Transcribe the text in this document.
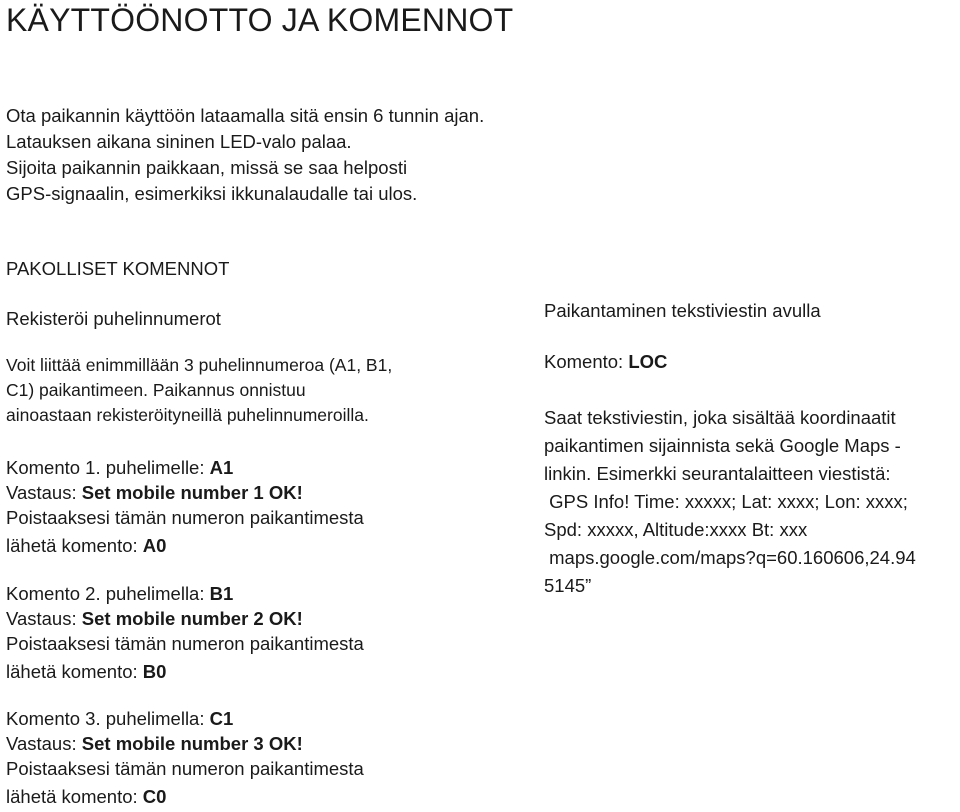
KÄYTTÖÖNOTTO JA KOMENNOT
Ota paikannin käyttöön lataamalla sitä ensin 6 tunnin ajan.
Latauksen aikana sininen LED-valo palaa.
Sijoita paikannin paikkaan, missä se saa helposti
GPS-signaalin, esimerkiksi ikkunalaudalle tai ulos.
PAKOLLISET KOMENNOT
Rekisteröi puhelinnumerot
Voit liittää enimmillään 3 puhelinnumeroa (A1, B1,
C1) paikantimeen. Paikannus onnistuu
ainoastaan rekisteröityneillä puhelinnumeroilla.
Komento 1. puhelimelle: A1
Vastaus: Set mobile number 1 OK!
Poistaaksesi tämän numeron paikantimesta
lähetä komento: A0
Komento 2. puhelimella: B1
Vastaus: Set mobile number 2 OK!
Poistaaksesi tämän numeron paikantimesta
lähetä komento: B0
Komento 3. puhelimella: C1
Vastaus: Set mobile number 3 OK!
Poistaaksesi tämän numeron paikantimesta
lähetä komento: C0
Paikantaminen tekstiviestin avulla
Komento: LOC
Saat tekstiviestin, joka sisältää koordinaatit
paikantimen sijainnista sekä Google Maps -
linkin. Esimerkki seurantalaitteen viestistä:
GPS Info! Time: xxxxx; Lat: xxxx; Lon: xxxx;
Spd: xxxxx, Altitude:xxxx Bt: xxx
maps.google.com/maps?q=60.160606,24.94
5145”
